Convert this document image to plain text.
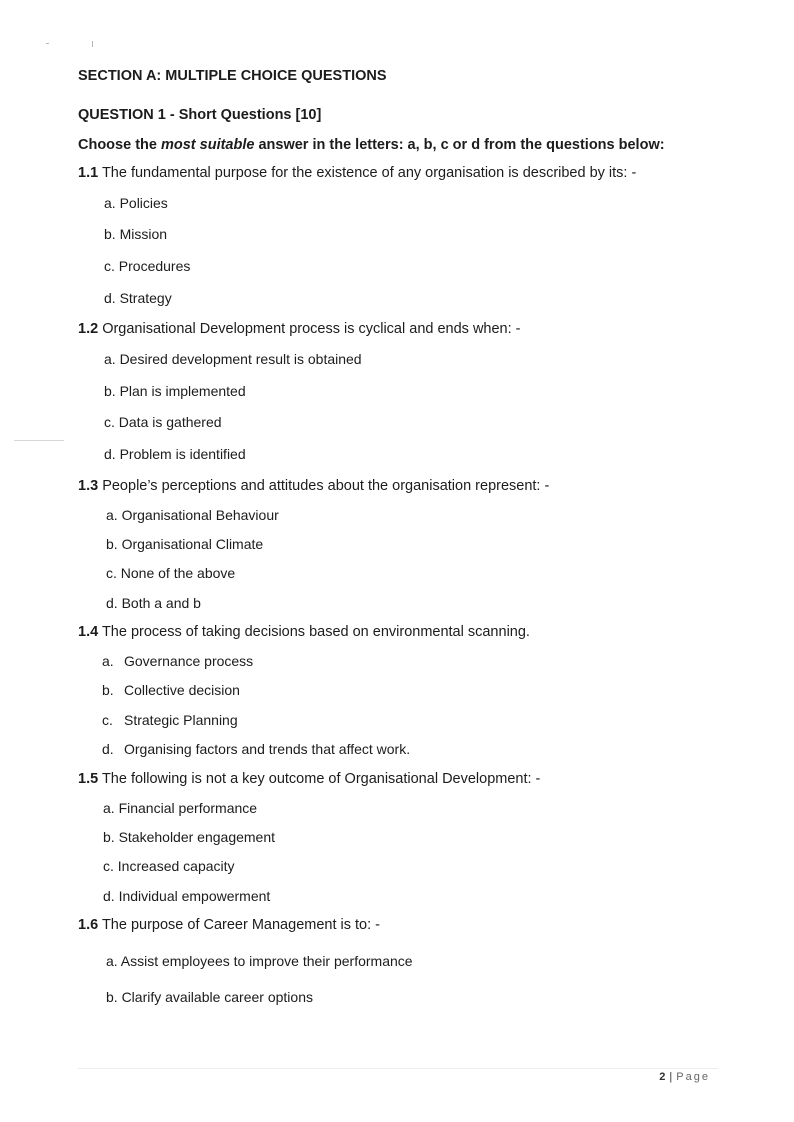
SECTION A: MULTIPLE CHOICE QUESTIONS
QUESTION 1 - Short Questions [10]
Choose the most suitable answer in the letters: a, b, c or d from the questions below:
1.1 The fundamental purpose for the existence of any organisation is described by its: -
a. Policies
b. Mission
c. Procedures
d. Strategy
1.2 Organisational Development process is cyclical and ends when: -
a. Desired development result is obtained
b. Plan is implemented
c. Data is gathered
d. Problem is identified
1.3 People’s perceptions and attitudes about the organisation represent: -
a. Organisational Behaviour
b. Organisational Climate
c. None of the above
d. Both a and b
1.4 The process of taking decisions based on environmental scanning.
a. Governance process
b. Collective decision
c. Strategic Planning
d. Organising factors and trends that affect work.
1.5 The following is not a key outcome of Organisational Development: -
a. Financial performance
b. Stakeholder engagement
c. Increased capacity
d. Individual empowerment
1.6 The purpose of Career Management is to: -
a. Assist employees to improve their performance
b. Clarify available career options
2 | Page
